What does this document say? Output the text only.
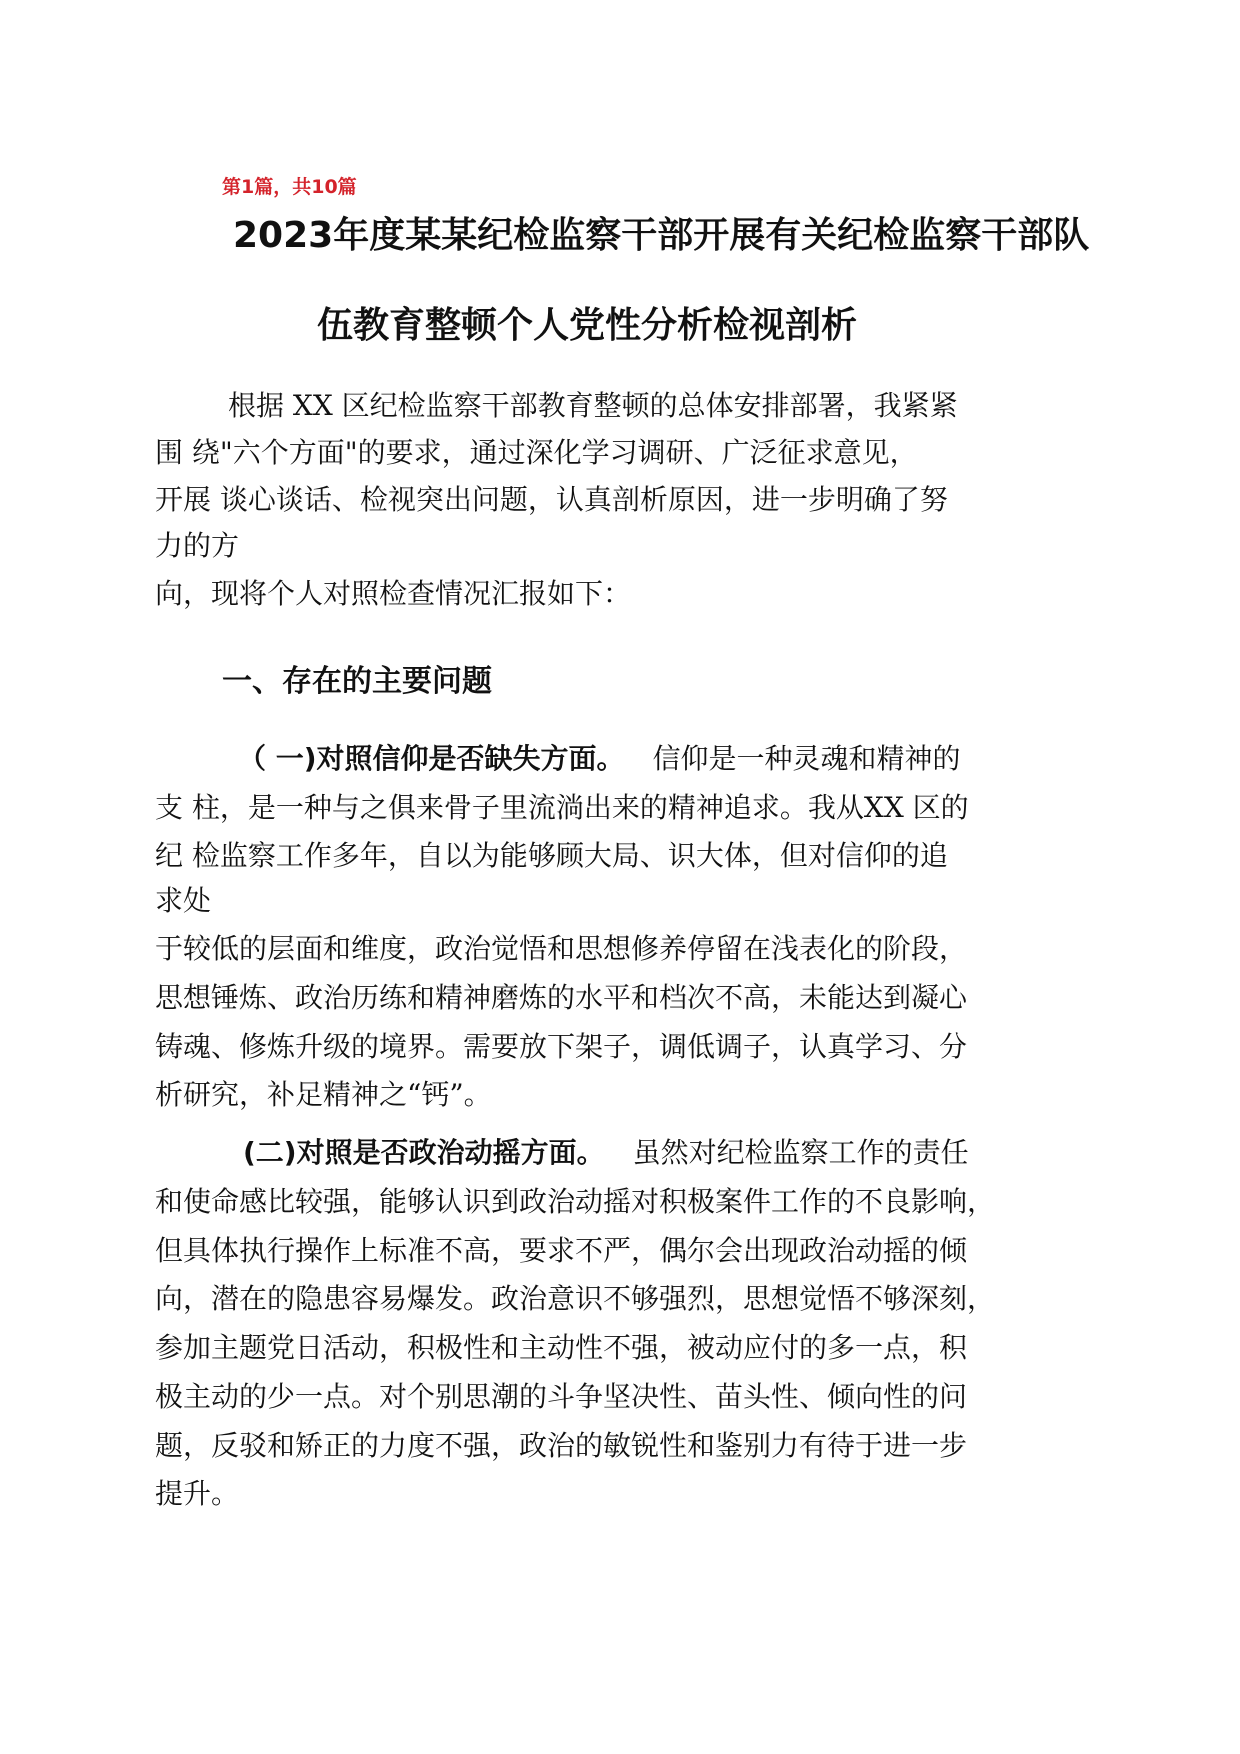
第1篇，共10篇
2023年度某某纪检监察干部开展有关纪检监察干部队
伍教育整顿个人党性分析检视剖析
根据 XX 区纪检监察干部教育整顿的总体安排部署，我紧紧
围 绕"六个方面"的要求，通过深化学习调研、广泛征求意见，
开展 谈心谈话、检视突出问题，认真剖析原因，进一步明确了努
力的方
向，现将个人对照检查情况汇报如下：
一、存在的主要问题
（ 一)对照信仰是否缺失方面。 信仰是一种灵魂和精神的
支 柱，是一种与之俱来骨子里流淌出来的精神追求。我从XX 区的
纪 检监察工作多年，自以为能够顾大局、识大体，但对信仰的追
求处
于较低的层面和维度，政治觉悟和思想修养停留在浅表化的阶段，
思想锤炼、政治历练和精神磨炼的水平和档次不高，未能达到凝心
铸魂、修炼升级的境界。需要放下架子，调低调子，认真学习、分
析研究，补足精神之“钙”。
(二)对照是否政治动摇方面。 虽然对纪检监察工作的责任
和使命感比较强，能够认识到政治动摇对积极案件工作的不良影响，
但具体执行操作上标准不高，要求不严，偶尔会出现政治动摇的倾
向，潜在的隐患容易爆发。政治意识不够强烈，思想觉悟不够深刻，
参加主题党日活动，积极性和主动性不强，被动应付的多一点，积
极主动的少一点。对个别思潮的斗争坚决性、苗头性、倾向性的问
题，反驳和矫正的力度不强，政治的敏锐性和鉴别力有待于进一步
提升。
